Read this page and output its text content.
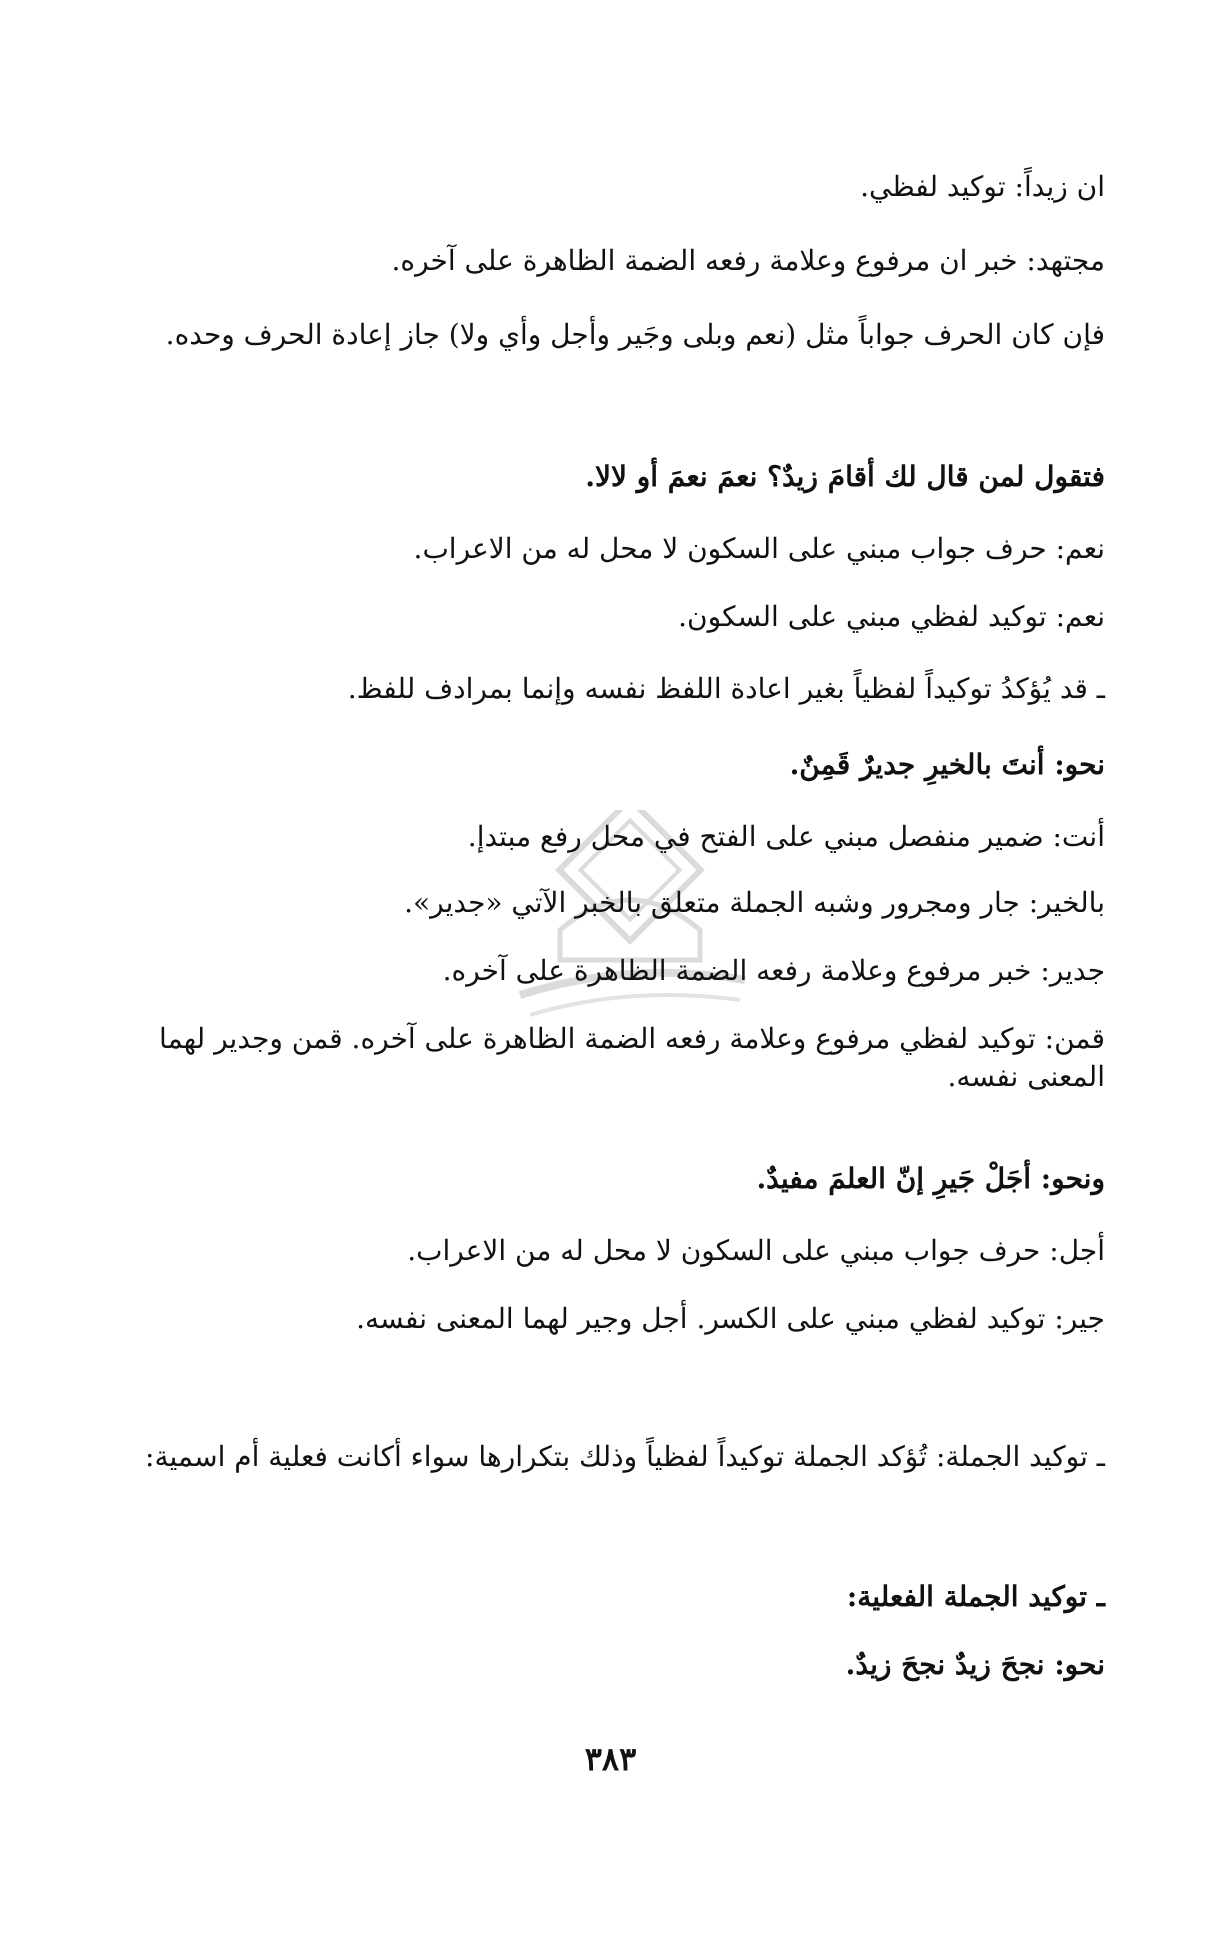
ان زيداً: توكيد لفظي.
مجتهد: خبر ان مرفوع وعلامة رفعه الضمة الظاهرة على آخره.
فإن كان الحرف جواباً مثل (نعم وبلى وجَير وأجل وأي ولا) جاز إعادة الحرف وحده.
فتقول لمن قال لك أقامَ زيدٌ؟ نعمَ نعمَ أو لالا.
نعم: حرف جواب مبني على السكون لا محل له من الاعراب.
نعم: توكيد لفظي مبني على السكون.
ـ قد يُؤكدُ توكيداً لفظياً بغير اعادة اللفظ نفسه وإنما بمرادف للفظ.
نحو: أنتَ بالخيرِ جديرٌ قَمِنٌ.
أنت: ضمير منفصل مبني على الفتح في محل رفع مبتدإ.
بالخير: جار ومجرور وشبه الجملة متعلق بالخبر الآتي «جدير».
جدير: خبر مرفوع وعلامة رفعه الضمة الظاهرة على آخره.
قمن: توكيد لفظي مرفوع وعلامة رفعه الضمة الظاهرة على آخره. قمن وجدير لهما المعنى نفسه.
ونحو: أجَلْ جَيرِ إنّ العلمَ مفيدٌ.
أجل: حرف جواب مبني على السكون لا محل له من الاعراب.
جير: توكيد لفظي مبني على الكسر. أجل وجير لهما المعنى نفسه.
ـ توكيد الجملة: تُؤكد الجملة توكيداً لفظياً وذلك بتكرارها سواء أكانت فعلية أم اسمية:
ـ توكيد الجملة الفعلية:
نحو: نجحَ زيدٌ نجحَ زيدٌ.
٣٨٣
